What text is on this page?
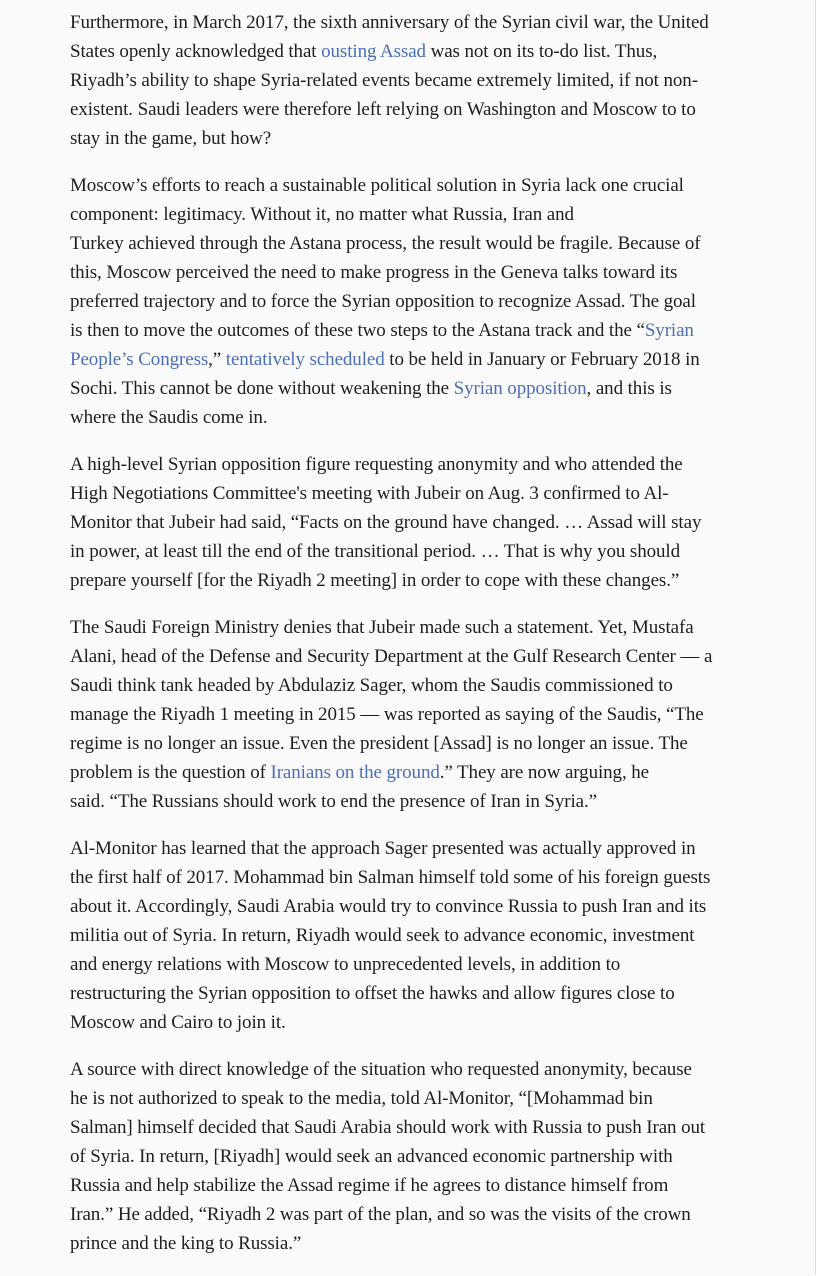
Furthermore, in March 2017, the sixth anniversary of the Syrian civil war, the United
States openly acknowledged that ousting Assad was not on its to-do list. Thus,
Riyadh’s ability to shape Syria-related events became extremely limited, if not non-
existent. Saudi leaders were therefore left relying on Washington and Moscow to to
stay in the game, but how?

Moscow’s efforts to reach a sustainable political solution in Syria lack one crucial
component: legitimacy. Without it, no matter what Russia, Iran and
Turkey achieved through the Astana process, the result would be fragile. Because of
this, Moscow perceived the need to make progress in the Geneva talks toward its
preferred trajectory and to force the Syrian opposition to recognize Assad. The goal
is then to move the outcomes of these two steps to the Astana track and the “Syrian
People’s Congress,” tentatively scheduled to be held in January or February 2018 in
Sochi. This cannot be done without weakening the Syrian opposition, and this is
where the Saudis come in.

A high-level Syrian opposition figure requesting anonymity and who attended the
High Negotiations Committee's meeting with Jubeir on Aug. 3 confirmed to Al-
Monitor that Jubeir had said, “Facts on the ground have changed. … Assad will stay
in power, at least till the end of the transitional period. … That is why you should
prepare yourself [for the Riyadh 2 meeting] in order to cope with these changes.”

The Saudi Foreign Ministry denies that Jubeir made such a statement. Yet, Mustafa
Alani, head of the Defense and Security Department at the Gulf Research Center — a
Saudi think tank headed by Abdulaziz Sager, whom the Saudis commissioned to
manage the Riyadh 1 meeting in 2015 — was reported as saying of the Saudis, “The
regime is no longer an issue. Even the president [Assad] is no longer an issue. The
problem is the question of Iranians on the ground.” They are now arguing, he
said. “The Russians should work to end the presence of Iran in Syria.”

Al-Monitor has learned that the approach Sager presented was actually approved in
the first half of 2017. Mohammad bin Salman himself told some of his foreign guests
about it. Accordingly, Saudi Arabia would try to convince Russia to push Iran and its
militia out of Syria. In return, Riyadh would seek to advance economic, investment
and energy relations with Moscow to unprecedented levels, in addition to
restructuring the Syrian opposition to offset the hawks and allow figures close to
Moscow and Cairo to join it.

A source with direct knowledge of the situation who requested anonymity, because
he is not authorized to speak to the media, told Al-Monitor, “[Mohammad bin
Salman] himself decided that Saudi Arabia should work with Russia to push Iran out
of Syria. In return, [Riyadh] would seek an advanced economic partnership with
Russia and help stabilize the Assad regime if he agrees to distance himself from
Iran.” He added, “Riyadh 2 was part of the plan, and so was the visits of the crown
prince and the king to Russia.”
